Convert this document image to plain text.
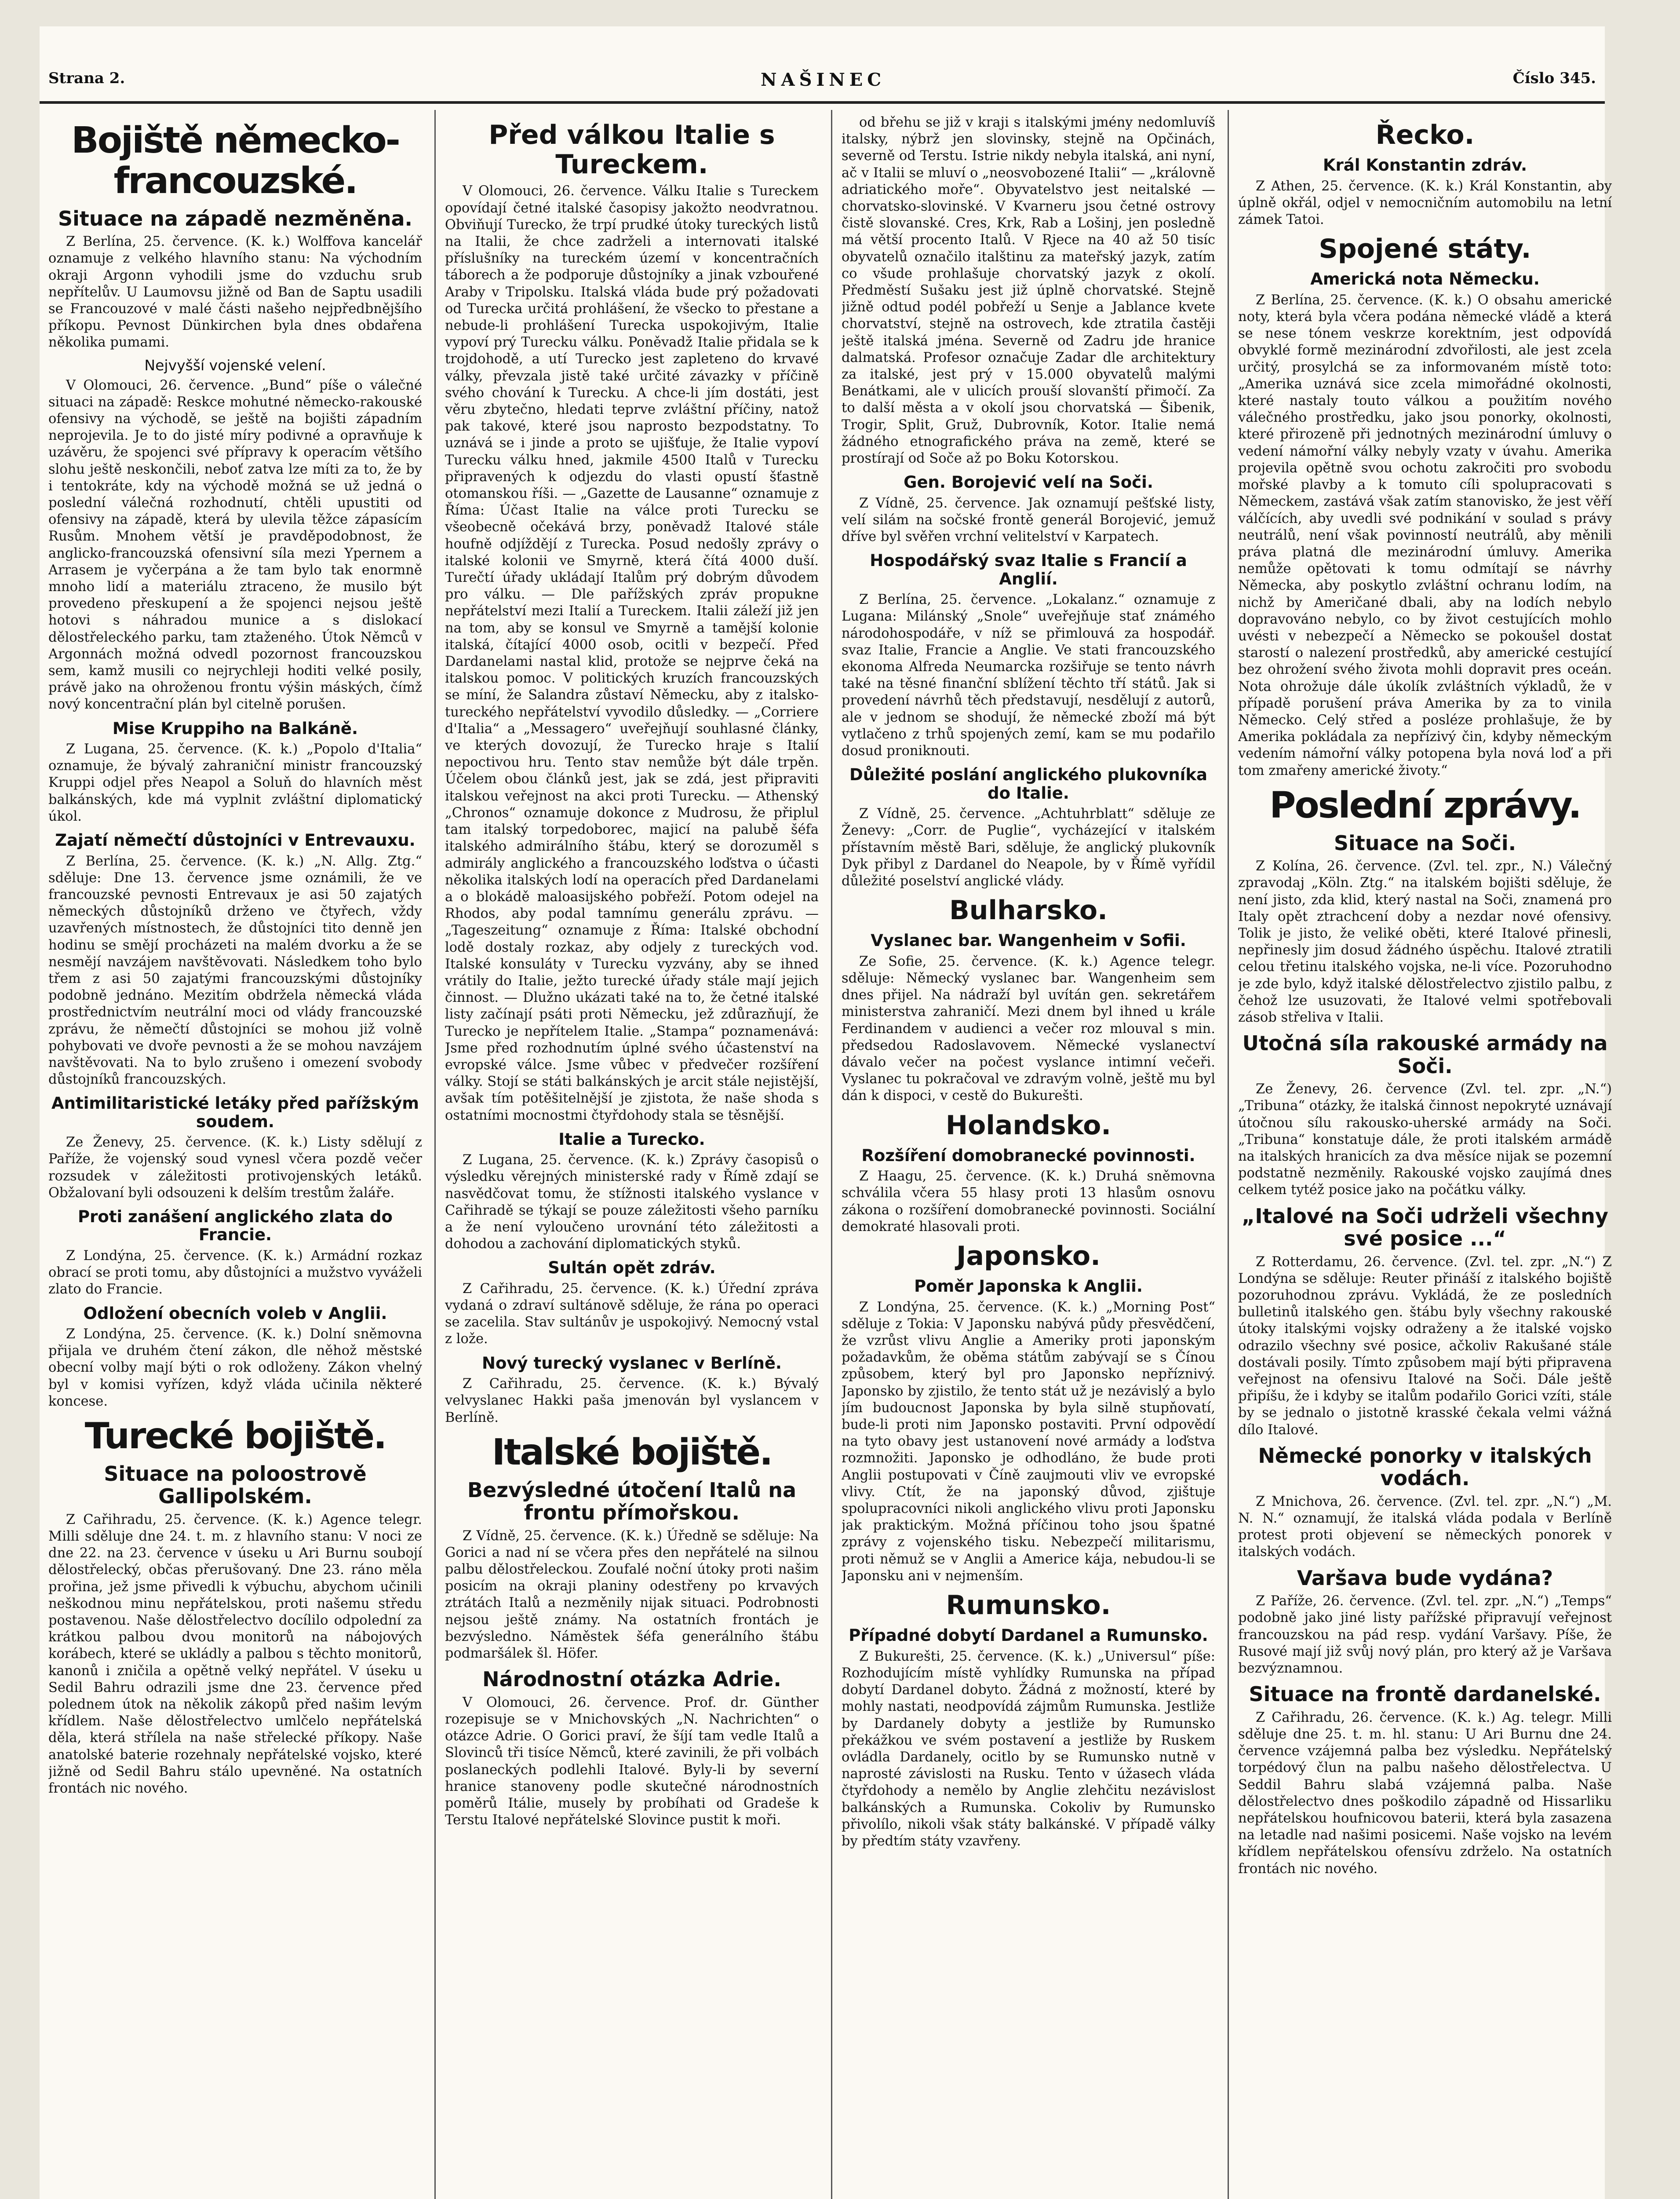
Strana 2.	NAŠINEC	Číslo 345.
Bojiště německo-francouzské.
Situace na západě nezměněna.

Z Berlína, 25. července. (K. k.) Wolffova kancelář oznamuje z velkého hlavního stanu: Na východním okraji Argonn vyhodili jsme do vzduchu srub nepřítelův. U Laumovsu jižně od Ban de Saptu usadili se Francouzové v malé části našeho nejpředbnějšího příkopu. Pevnost Dünkirchen byla dnes obdařena několika pumami.

Nejvyšší vojenské velení.

V Olomouci, 26. července. „Bund“ píše o válečné situaci na západě: Reskce mohutné německo-rakouské ofensivy na východě, se ještě na bojišti západním neprojevila. Je to do jisté míry podivné a opravňuje k uzávěru, že spojenci své přípravy k operacím většího slohu ještě neskončili, neboť zatva lze míti za to, že by i tentokráte, kdy na východě možná se už jedná o poslední válečná rozhodnutí, chtěli upustiti od ofensivy na západě, která by ulevila těžce zápasícím Rusům. Mnohem větší je pravděpodobnost, že anglicko-francouzská ofensivní síla mezi Ypernem a Arrasem je vyčerpána a že tam bylo tak enormně mnoho lidí a materiálu ztraceno, že musilo být provedeno přeskupení a že spojenci nejsou ještě hotovi s náhradou munice a s dislokací dělostřeleckého parku, tam ztaženého. Útok Němců v Argonnách možná odvedl pozornost francouzskou sem, kamž musili co nejrychleji hoditi velké posily, právě jako na ohroženou frontu výšin máských, čímž nový koncentrační plán byl citelně porušen.

Mise Kruppiho na Balkáně.

Z Lugana, 25. července. (K. k.) „Popolo d'Italia“ oznamuje, že bývalý zahraniční ministr francouzský Kruppi odjel přes Neapol a Soluň do hlavních měst balkánských, kde má vyplnit zvláštní diplomatický úkol.

Zajatí němečtí důstojníci v Entrevauxu.

Z Berlína, 25. července. (K. k.) „N. Allg. Ztg.“ sděluje: Dne 13. července jsme oznámili, že ve francouzské pevnosti Entrevaux je asi 50 zajatých německých důstojníků drženo ve čtyřech, vždy uzavřených místnostech, že důstojníci tito denně jen hodinu se smějí procházeti na malém dvorku a že se nesmějí navzájem navštěvovati. Následkem toho bylo třem z asi 50 zajatými francouzskými důstojníky podobně jednáno. Mezitím obdržela německá vláda prostřednictvím neutrální moci od vlády francouzské zprávu, že němečtí důstojníci se mohou již volně pohybovati ve dvoře pevnosti a že se mohou navzájem navštěvovati. Na to bylo zrušeno i omezení svobody důstojníků francouzských.

Antimilitaristické letáky před pařížským soudem.

Ze Ženevy, 25. července. (K. k.) Listy sdělují z Paříže, že vojenský soud vynesl včera pozdě večer rozsudek v záležitosti protivojenských letáků. Obžalovaní byli odsouzeni k delším trestům žaláře.

Proti zanášení anglického zlata do Francie.

Z Londýna, 25. července. (K. k.) Armádní rozkaz obrací se proti tomu, aby důstojníci a mužstvo vyváželi zlato do Francie.

Odložení obecních voleb v Anglii.

Z Londýna, 25. července. (K. k.) Dolní sněmovna přijala ve druhém čtení zákon, dle něhož městské obecní volby mají býti o rok odloženy. Zákon vhelný byl v komisi vyřízen, když vláda učinila některé koncese.

Turecké bojiště.
Situace na poloostrově Gallipolském.

Z Cařihradu, 25. července. (K. k.) Agence telegr. Milli sděluje dne 24. t. m. z hlavního stanu: V noci ze dne 22. na 23. července v úseku u Ari Burnu soubojí dělostřelecký, občas přerušovaný. Dne 23. ráno měla prořina, jež jsme přivedli k výbuchu, abychom učinili neškodnou minu nepřátelskou, proti našemu středu postavenou. Naše dělostřelectvo docílilo odpolední za krátkou palbou dvou monitorů na nábojových korábech, které se ukládly a palbou s těchto monitorů, kanonů i zničila a opětně velký nepřátel. V úseku u Sedil Bahru odrazili jsme dne 23. července před polednem útok na několik zákopů před našim levým křídlem. Naše dělostřelectvo umlčelo nepřátelská děla, která střílela na naše střelecké příkopy. Naše anatolské baterie rozehnaly nepřátelské vojsko, které jižně od Sedil Bahru stálo upevněné. Na ostatních frontách nic nového.

Před válkou Italie s Tureckem.

V Olomouci, 26. července. Válku Italie s Tureckem opovídají četné italské časopisy jakožto neodvratnou. Obviňují Turecko, že trpí prudké útoky tureckých listů na Italii, že chce zadrželi a internovati italské příslušníky na tureckém území v koncentračních táborech a že podporuje důstojníky a jinak vzbouřené Araby v Tripolsku. Italská vláda bude prý požadovati od Turecka určitá prohlášení, že všecko to přestane a nebude-li prohlášení Turecka uspokojivým, Italie vypoví prý Turecku válku. Poněvadž Italie přidala se k trojdohodě, a utí Turecko jest zapleteno do krvavé války, převzala jistě také určité závazky v příčině svého chování k Turecku. A chce-li jím dostáti, jest věru zbytečno, hledati teprve zvláštní příčiny, natož pak takové, které jsou naprosto bezpodstatny. To uznává se i jinde a proto se ujišťuje, že Italie vypoví Turecku válku hned, jakmile 4500 Italů v Turecku připravených k odjezdu do vlasti opustí šťastně otomanskou říši. — „Gazette de Lausanne“ oznamuje z Říma: Účast Italie na válce proti Turecku se všeobecně očekává brzy, poněvadž Italové stále houfně odjíždějí z Turecka. Posud nedošly zprávy o italské kolonii ve Smyrně, která čítá 4000 duší. Turečtí úřady ukládají Italům prý dobrým důvodem pro válku. — Dle pařížských zpráv propukne nepřátelství mezi Italií a Tureckem. Italii záleží již jen na tom, aby se konsul ve Smyrně a tamější kolonie italská, čítající 4000 osob, ocitli v bezpečí. Před Dardanelami nastal klid, protože se nejprve čeká na italskou pomoc. V politických kruzích francouzských se míní, že Salandra zůstaví Německu, aby z italsko-tureckého nepřátelství vyvodilo důsledky. — „Corriere d'Italia“ a „Messagero“ uveřejňují souhlasné články, ve kterých dovozují, že Turecko hraje s Italií nepoctivou hru. Tento stav nemůže být dále trpěn. Účelem obou článků jest, jak se zdá, jest připraviti italskou veřejnost na akci proti Turecku. — Athenský „Chronos“ oznamuje dokonce z Mudrosu, že připlul tam italský torpedoborec, majicí na palubě šéfa italského admirálního štábu, který se dorozuměl s admirály anglického a francouzského loďstva o účasti několika italských lodí na operacích před Dardanelami a o blokádě maloasijského pobřeží. Potom odejel na Rhodos, aby podal tamnímu generálu zprávu. — „Tageszeitung“ oznamuje z Říma: Italské obchodní lodě dostaly rozkaz, aby odjely z tureckých vod. Italské konsuláty v Turecku vyzvány, aby se ihned vrátily do Italie, ježto turecké úřady stále mají jejich činnost. — Dlužno ukázati také na to, že četné italské listy začínají psáti proti Německu, jež zdůrazňují, že Turecko je nepřítelem Italie. „Stampa“ poznamenává: Jsme před rozhodnutím úplné svého účastenství na evropské válce. Jsme vůbec v předvečer rozšíření války. Stojí se státi balkánských je arcit stále nejistější, avšak tím potěšitelnější je zjistota, že naše shoda s ostatními mocnostmi čtyřdohody stala se těsnější.

Italie a Turecko.

Z Lugana, 25. července. (K. k.) Zprávy časopisů o výsledku věrejných ministerské rady v Římě zdají se nasvědčovat tomu, že stížnosti italského vyslance v Cařihradě se týkají se pouze záležitosti všeho parníku a že není vyloučeno urovnání této záležitosti a dohodou a zachování diplomatických styků.

Sultán opět zdráv.

Z Cařihradu, 25. července. (K. k.) Úřední zpráva vydaná o zdraví sultánově sděluje, že rána po operaci se zacelila. Stav sultánův je uspokojivý. Nemocný vstal z lože.

Nový turecký vyslanec v Berlíně.

Z Cařihradu, 25. července. (K. k.) Bývalý velvyslanec Hakki paša jmenován byl vyslancem v Berlíně.

Italské bojiště.
Bezvýsledné útočení Italů na frontu přímořskou.

Z Vídně, 25. července. (K. k.) Úředně se sděluje: Na Gorici a nad ní se včera přes den nepřátelé na silnou palbu dělostřeleckou. Zoufalé noční útoky proti našim posicím na okraji planiny odestřeny po krvavých ztrátách Italů a nezměnily nijak situaci. Podrobnosti nejsou ještě známy. Na ostatních frontách je bezvýsledno. Náměstek šéfa generálního štábu podmaršálek šl. Höfer.

Národnostní otázka Adrie.

V Olomouci, 26. července. Prof. dr. Günther rozepisuje se v Mnichovských „N. Nachrichten“ o otázce Adrie. O Gorici praví, že šíjí tam vedle Italů a Slovinců tři tisíce Němců, které zavinili, že při volbách poslaneckých podlehli Italové. Byly-li by severní hranice stanoveny podle skutečné národnostních poměrů Itálie, musely by probíhati od Gradeše k Terstu Italové nepřátelské Slovince pustit k moři.

od břehu se již v kraji s italskými jmény nedomluvíš italsky, nýbrž jen slovinsky, stejně na Opčinách, severně od Terstu. Istrie nikdy nebyla italská, ani nyní, ač v Italii se mluví o „neosvobozené Italii“ — „královně adriatického moře“. Obyvatelstvo jest neitalské — chorvatsko-slovinské. V Kvarneru jsou četné ostrovy čistě slovanské. Cres, Krk, Rab a Lošinj, jen posledně má větší procento Italů. V Rjece na 40 až 50 tisíc obyvatelů označilo italštinu za mateřský jazyk, zatím co všude prohlašuje chorvatský jazyk z okolí. Předměstí Sušaku jest již úplně chorvatské. Stejně jižně odtud podél pobřeží u Senje a Jablance kvete chorvatství, stejně na ostrovech, kde ztratila častěji ještě italská jména. Severně od Zadru jde hranice dalmatská. Profesor označuje Zadar dle architektury za italské, jest prý v 15.000 obyvatelů malými Benátkami, ale v ulicích prouší slovanští přimočí. Za to další města a v okolí jsou chorvatská — Šibenik, Trogir, Split, Gruž, Dubrovník, Kotor. Italie nemá žádného etnografického práva na země, které se prostírají od Soče až po Boku Kotorskou.

Gen. Borojević velí na Soči.

Z Vídně, 25. července. Jak oznamují pešťské listy, velí silám na sočské frontě generál Borojević, jemuž dříve byl svěřen vrchní velitelství v Karpatech.

Hospodářský svaz Italie s Francií a Anglií.

Z Berlína, 25. července. „Lokalanz.“ oznamuje z Lugana: Milánský „Snole“ uveřejňuje stať známého národohospodáře, v níž se přimlouvá za hospodář. svaz Italie, Francie a Anglie. Ve stati francouzského ekonoma Alfreda Neumarcka rozšiřuje se tento návrh také na těsné finanční sblížení těchto tří států. Jak si provedení návrhů těch představují, nesdělují z autorů, ale v jednom se shodují, že německé zboží má být vytlačeno z trhů spojených zemí, kam se mu podařilo dosud proniknouti.

Důležité poslání anglického plukovníka do Italie.

Z Vídně, 25. července. „Achtuhrblatt“ sděluje ze Ženevy: „Corr. de Puglie“, vycházející v italském přístavním městě Bari, sděluje, že anglický plukovník Dyk přibyl z Dardanel do Neapole, by v Římě vyřídil důležité poselství anglické vlády.

Bulharsko.
Vyslanec bar. Wangenheim v Sofii.

Ze Sofie, 25. července. (K. k.) Agence telegr. sděluje: Německý vyslanec bar. Wangenheim sem dnes přijel. Na nádraží byl uvítán gen. sekretářem ministerstva zahraničí. Mezi dnem byl ihned u krále Ferdinandem v audienci a večer roz mlouval s min. předsedou Radoslavovem. Německé vyslanectví dávalo večer na počest vyslance intimní večeři. Vyslanec tu pokračoval ve zdravým volně, ještě mu byl dán k dispoci, v cestě do Bukurešti.

Holandsko.
Rozšíření domobranecké povinnosti.

Z Haagu, 25. července. (K. k.) Druhá sněmovna schválila včera 55 hlasy proti 13 hlasům osnovu zákona o rozšíření domobranecké povinnosti. Sociální demokraté hlasovali proti.

Japonsko.
Poměr Japonska k Anglii.

Z Londýna, 25. července. (K. k.) „Morning Post“ sděluje z Tokia: V Japonsku nabývá půdy přesvědčení, že vzrůst vlivu Anglie a Ameriky proti japonským požadavkům, že oběma státům zabývají se s Čínou způsobem, který byl pro Japonsko nepříznivý. Japonsko by zjistilo, že tento stát už je nezávislý a bylo jím budoucnost Japonska by byla silně stupňovatí, bude-li proti nim Japonsko postaviti. První odpovědí na tyto obavy jest ustanovení nové armády a loďstva rozmnožiti. Japonsko je odhodláno, že bude proti Anglii postupovati v Číně zaujmouti vliv ve evropské vlivy. Ctít, že na japonský důvod, zjištuje spolupracovníci nikoli anglického vlivu proti Japonsku jak praktickým. Možná příčinou toho jsou špatné zprávy z vojenského tisku. Nebezpečí militarismu, proti němuž se v Anglii a Americe kája, nebudou-li se Japonsku ani v nejmenším.

Rumunsko.
Případné dobytí Dardanel a Rumunsko.

Z Bukurešti, 25. července. (K. k.) „Universul“ píše: Rozhodujícím místě vyhlídky Rumunska na případ dobytí Dardanel dobyto. Žádná z možností, které by mohly nastati, neodpovídá zájmům Rumunska. Jestliže by Dardanely dobyty a jestliže by Rumunsko překážkou ve svém postavení a jestliže by Ruskem ovládla Dardanely, ocitlo by se Rumunsko nutně v naprosté závislosti na Rusku. Tento v úžasech vláda čtyřdohody a nemělo by Anglie zlehčitu nezávislost balkánských a Rumunska. Cokoliv by Rumunsko přivolílo, nikoli však státy balkánské. V případě války by předtím státy vzavřeny.

Řecko.
Král Konstantin zdráv.

Z Athen, 25. července. (K. k.) Král Konstantin, aby úplně okřál, odjel v nemocničním automobilu na letní zámek Tatoi.

Spojené státy.
Americká nota Německu.

Z Berlína, 25. července. (K. k.) O obsahu americké noty, která byla včera podána německé vládě a která se nese tónem veskrze korektním, jest odpovídá obvyklé formě mezinárodní zdvořilosti, ale jest zcela určitý, prosylchá se za informovaném místě toto: „Amerika uznává sice zcela mimořádné okolnosti, které nastaly touto válkou a použitím nového válečného prostředku, jako jsou ponorky, okolnosti, které přirozeně při jednotných mezinárodní úmluvy o vedení námořní války nebyly vzaty v úvahu. Amerika projevila opětně svou ochotu zakročiti pro svobodu mořské plavby a k tomuto cíli spolupracovati s Německem, zastává však zatím stanovisko, že jest věří válčících, aby uvedli své podnikání v soulad s právy neutrálů, není však povinností neutrálů, aby měnili práva platná dle mezinárodní úmluvy. Amerika nemůže opětovati k tomu odmítají se návrhy Německa, aby poskytlo zvláštní ochranu lodím, na nichž by Američané dbali, aby na lodích nebylo dopravováno nebylo, co by život cestujících mohlo uvésti v nebezpečí a Německo se pokoušel dostat starostí o nalezení prostředků, aby americké cestující bez ohrožení svého života mohli dopravit pres oceán. Nota ohrožuje dále úkolík zvláštních výkladů, že v případě porušení práva Amerika by za to vinila Německo. Celý střed a posléze prohlašuje, že by Amerika pokládala za nepřízivý čin, kdyby německým vedením námořní války potopena byla nová loď a při tom zmařeny americké životy.“

Poslední zprávy.
Situace na Soči.

Z Kolína, 26. července. (Zvl. tel. zpr., N.) Válečný zpravodaj „Köln. Ztg.“ na italském bojišti sděluje, že není jisto, zda klid, který nastal na Soči, znamená pro Italy opět ztrachcení doby a nezdar nové ofensivy. Tolik je jisto, že veliké oběti, které Italové přinesli, nepřinesly jim dosud žádného úspěchu. Italové ztratili celou třetinu italského vojska, ne-li více. Pozoruhodno je zde bylo, když italské dělostřelectvo zjistilo palbu, z čehož lze usuzovati, že Italové velmi spotřebovali zásob střeliva v Italii.

Utočná síla rakouské armády na Soči.

Ze Ženevy, 26. července (Zvl. tel. zpr. „N.“) „Tribuna“ otázky, že italská činnost nepokryté uznávají útočnou sílu rakousko-uherské armády na Soči. „Tribuna“ konstatuje dále, že proti italském armádě na italských hranicích za dva měsíce nijak se pozemní podstatně nezměnily. Rakouské vojsko zaujímá dnes celkem tytéž posice jako na počátku války.

„Italové na Soči udrželi všechny své posice ...“

Z Rotterdamu, 26. července. (Zvl. tel. zpr. „N.“) Z Londýna se sděluje: Reuter přináší z italského bojiště pozoruhodnou zprávu. Vykládá, že ze posledních bulletinů italského gen. štábu byly všechny rakouské útoky italskými vojsky odraženy a že italské vojsko odrazilo všechny své posice, ačkoliv Rakušané stále dostávali posily. Tímto způsobem mají býti připravena veřejnost na ofensivu Italové na Soči. Dále ještě připíšu, že i kdyby se italům podařilo Gorici vzíti, stále by se jednalo o jistotně krasské čekala velmi vážná dílo Italové.

Německé ponorky v italských vodách.

Z Mnichova, 26. července. (Zvl. tel. zpr. „N.“) „M. N. N.“ oznamují, že italská vláda podala v Berlíně protest proti objevení se německých ponorek v italských vodách.

Varšava bude vydána?

Z Paříže, 26. července. (Zvl. tel. zpr. „N.“) „Temps“ podobně jako jiné listy pařížské připravují veřejnost francouzskou na pád resp. vydání Varšavy. Píše, že Rusové mají již svůj nový plán, pro který až je Varšava bezvýznamnou.

Situace na frontě dardanelské.

Z Cařihradu, 26. července. (K. k.) Ag. telegr. Milli sděluje dne 25. t. m. hl. stanu: U Ari Burnu dne 24. července vzájemná palba bez výsledku. Nepřátelský torpédový člun na palbu našeho dělostřelectva. U Seddil Bahru slabá vzájemná palba. Naše dělostřelectvo dnes poškodilo západně od Hissarliku nepřátelskou houfnicovou baterii, která byla zasazena na letadle nad našimi posicemi. Naše vojsko na levém křídlem nepřátelskou ofensívu zdrželo. Na ostatních frontách nic nového.
